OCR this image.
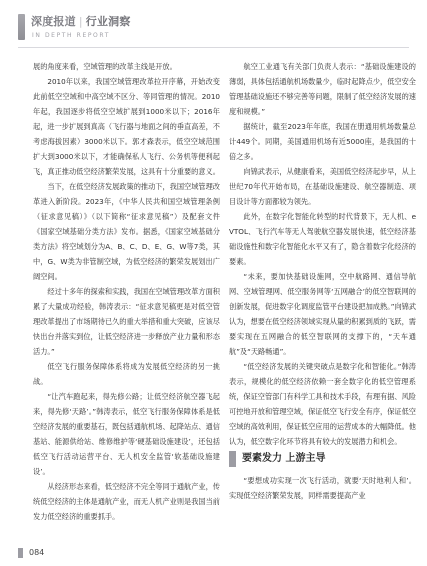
深度报道 | 行业洞察
IN DEPTH REPORT

展的角度来看，空域管理的改革主线是开放。

2010年以来，我国空域管理改革拉开序幕，开始改变此前低空空域和中高空域不区分、等同管理的情况。2010年起，我国逐步将低空空域扩展到1000米以下；2016年起，进一步扩展到真高（飞行器与地面之间的垂直高差，不考虑海拔因素）3000米以下。郭才森表示，低空空域范围扩大到3000米以下，才能确保私人飞行、公务机等便利起飞，真正推动低空经济繁荣发展，这具有十分重要的意义。

当下，在低空经济发展政策的推动下，我国空域管理改革进入新阶段。2023年，《中华人民共和国空域管理条例（征求意见稿）》（以下简称“征求意见稿”）及配套文件《国家空域基础分类方法》发布。据悉，《国家空域基础分类方法》将空域划分为A、B、C、D、E、G、W等7类，其中，G、W类为非管制空域，为低空经济的繁荣发展划出广阔空间。

经过十多年的探索和实践，我国在空域管理改革方面积累了大量成功经验，韩涛表示：“征求意见稿更是对低空管理改革提出了市场期待已久的重大举措和重大突破，应该尽快出台并落实到位，让低空经济进一步释放产业力量和形态活力。”

低空飞行服务保障体系将成为发展低空经济的另一挑战。

“让汽车跑起来，得先修公路；让低空经济航空器飞起来，得先修‘天路’。”韩涛表示，低空飞行服务保障体系是低空经济发展的重要基石，既包括通航机场、起降站点、通信基站、能源供给站、维修维护等‘硬基础设施建设’，还包括低空飞行活动运营平台、无人机安全监管‘软基础设施建设’。

从经济形态来看，低空经济不完全等同于通航产业，传统低空经济的主体是通航产业，而无人机产业则是我国当前发力低空经济的重要抓手。

航空工业通飞有关部门负责人表示：“基础设施建设的薄弱，具体包括通航机场数量少，临时起降点少，低空安全管理基础设施还不够完善等问题，限制了低空经济发展的速度和规模。”

据统计，截至2023年年底，我国在册通用机场数量总计449个。同期，美国通用机场有近5000座，是我国的十倍之多。

向锦武表示，从健康看来，美国低空经济起步早，从上世纪70年代开始布局，在基础设施建设、航空器制造、项目设计等方面都较为领先。

此外，在数字化智能化转型的时代背景下，无人机、eVTOL、飞行汽车等无人驾驶航空器发展快速，低空经济基础设施性和数字化智能化水平又有了，隐含着数字化经济的要素。

“未来，要加快基础设施网，空中航路网、通信导航网、空域管理网、低空服务网等‘五网融合’的低空智联网的创新发展，促进数字化调度监管平台建设把加成熟。”向锦武认为，想要在低空经济领域实现从量的积累到质的飞跃，需要实现在五网融合的低空智联网的支撑下的，“天车通航”及“天路畅通”。

“低空经济发展的关键突破点是数字化和智能化。”韩涛表示，规模化的低空经济依赖一套全数字化的低空管理系统，保证空管部门有科学工具和技术手段，有理有据、风险可控地开放和管理空域，保证低空飞行安全有序，保证低空空域的高效利用，保证低空应用的运营成本的大幅降低。他认为，低空数字化环节将具有较大的发展潜力和机会。

要素发力 上游主导

“要想成功实现一次飞行活动，就要‘天时地利人和’。实现低空经济繁荣发展，同样需要提高产业

084
